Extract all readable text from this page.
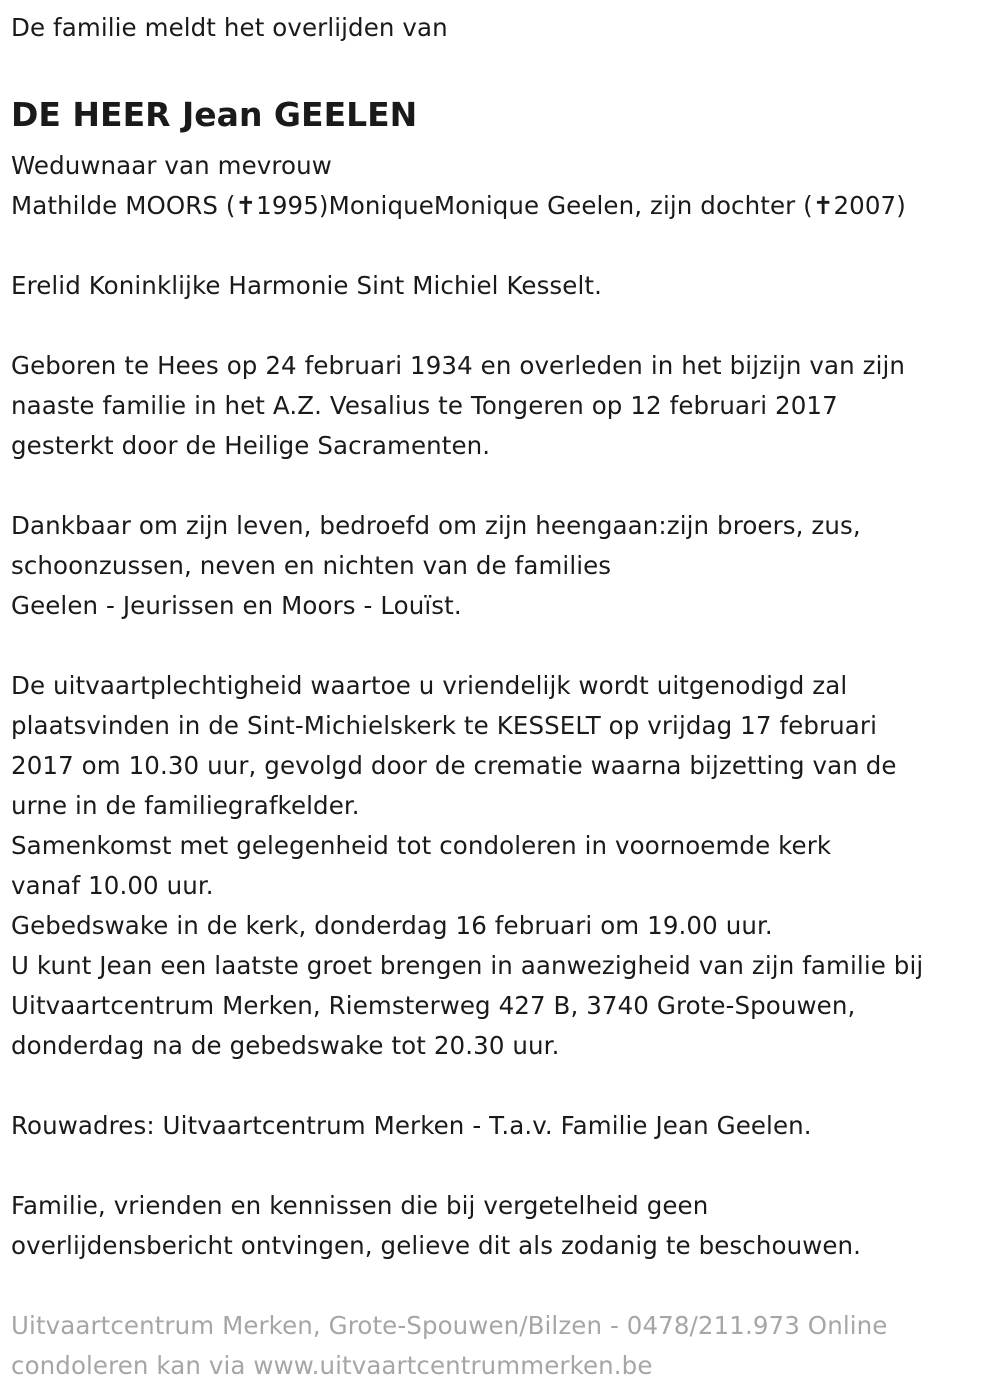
De familie meldt het overlijden van
DE HEER Jean GEELEN
Weduwnaar van mevrouw
Mathilde MOORS (✝1995)MoniqueMonique Geelen, zijn dochter (✝2007)
Erelid Koninklijke Harmonie Sint Michiel Kesselt.
Geboren te Hees op 24 februari 1934 en overleden in het bijzijn van zijn
naaste familie in het A.Z. Vesalius te Tongeren op 12 februari 2017
gesterkt door de Heilige Sacramenten.
Dankbaar om zijn leven, bedroefd om zijn heengaan:zijn broers, zus,
schoonzussen, neven en nichten van de families
Geelen - Jeurissen en Moors - Louïst.
De uitvaartplechtigheid waartoe u vriendelijk wordt uitgenodigd zal
plaatsvinden in de Sint-Michielskerk te KESSELT op vrijdag 17 februari
2017 om 10.30 uur, gevolgd door de crematie waarna bijzetting van de
urne in de familiegrafkelder.
Samenkomst met gelegenheid tot condoleren in voornoemde kerk
vanaf 10.00 uur.
Gebedswake in de kerk, donderdag 16 februari om 19.00 uur.
U kunt Jean een laatste groet brengen in aanwezigheid van zijn familie bij
Uitvaartcentrum Merken, Riemsterweg 427 B, 3740 Grote-Spouwen,
donderdag na de gebedswake tot 20.30 uur.
Rouwadres: Uitvaartcentrum Merken - T.a.v. Familie Jean Geelen.
Familie, vrienden en kennissen die bij vergetelheid geen
overlijdensbericht ontvingen, gelieve dit als zodanig te beschouwen.
Uitvaartcentrum Merken, Grote-Spouwen/Bilzen - 0478/211.973 Online
condoleren kan via www.uitvaartcentrummerken.be
